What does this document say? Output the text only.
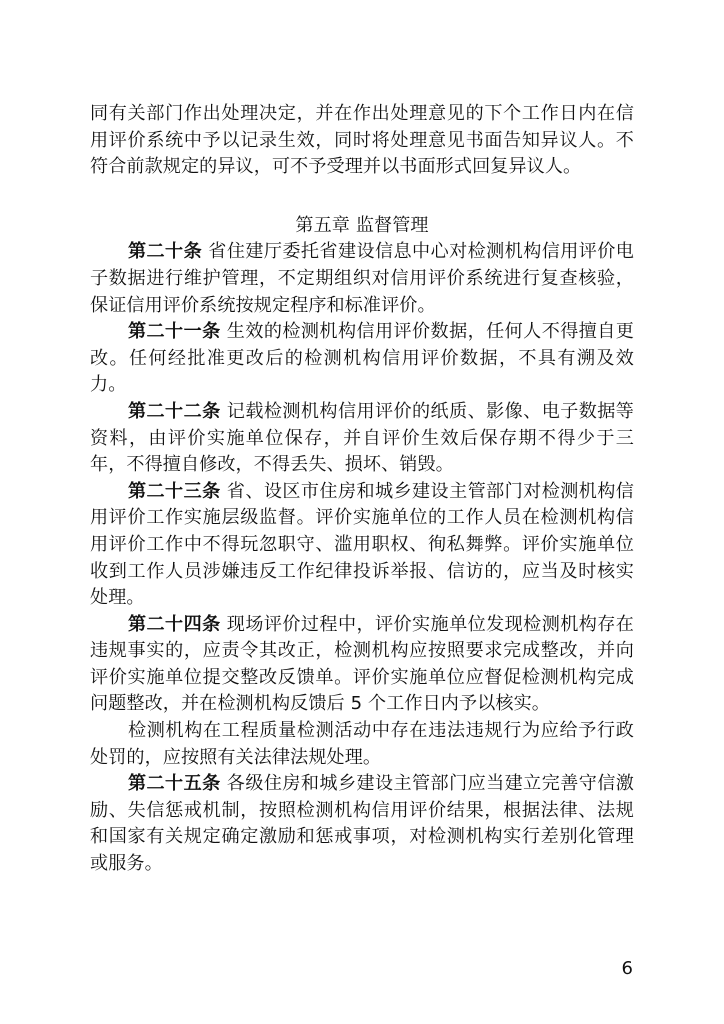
同有关部门作出处理决定，并在作出处理意见的下个工作日内在信用评价系统中予以记录生效，同时将处理意见书面告知异议人。不符合前款规定的异议，可不予受理并以书面形式回复异议人。

第五章 监督管理

第二十条 省住建厅委托省建设信息中心对检测机构信用评价电子数据进行维护管理，不定期组织对信用评价系统进行复查核验，保证信用评价系统按规定程序和标准评价。

第二十一条 生效的检测机构信用评价数据，任何人不得擅自更改。任何经批准更改后的检测机构信用评价数据，不具有溯及效力。

第二十二条 记载检测机构信用评价的纸质、影像、电子数据等资料，由评价实施单位保存，并自评价生效后保存期不得少于三年，不得擅自修改，不得丢失、损坏、销毁。

第二十三条 省、设区市住房和城乡建设主管部门对检测机构信用评价工作实施层级监督。评价实施单位的工作人员在检测机构信用评价工作中不得玩忽职守、滥用职权、徇私舞弊。评价实施单位收到工作人员涉嫌违反工作纪律投诉举报、信访的，应当及时核实处理。

第二十四条 现场评价过程中，评价实施单位发现检测机构存在违规事实的，应责令其改正，检测机构应按照要求完成整改，并向评价实施单位提交整改反馈单。评价实施单位应督促检测机构完成问题整改，并在检测机构反馈后 5 个工作日内予以核实。

检测机构在工程质量检测活动中存在违法违规行为应给予行政处罚的，应按照有关法律法规处理。

第二十五条 各级住房和城乡建设主管部门应当建立完善守信激励、失信惩戒机制，按照检测机构信用评价结果，根据法律、法规和国家有关规定确定激励和惩戒事项，对检测机构实行差别化管理或服务。

6
